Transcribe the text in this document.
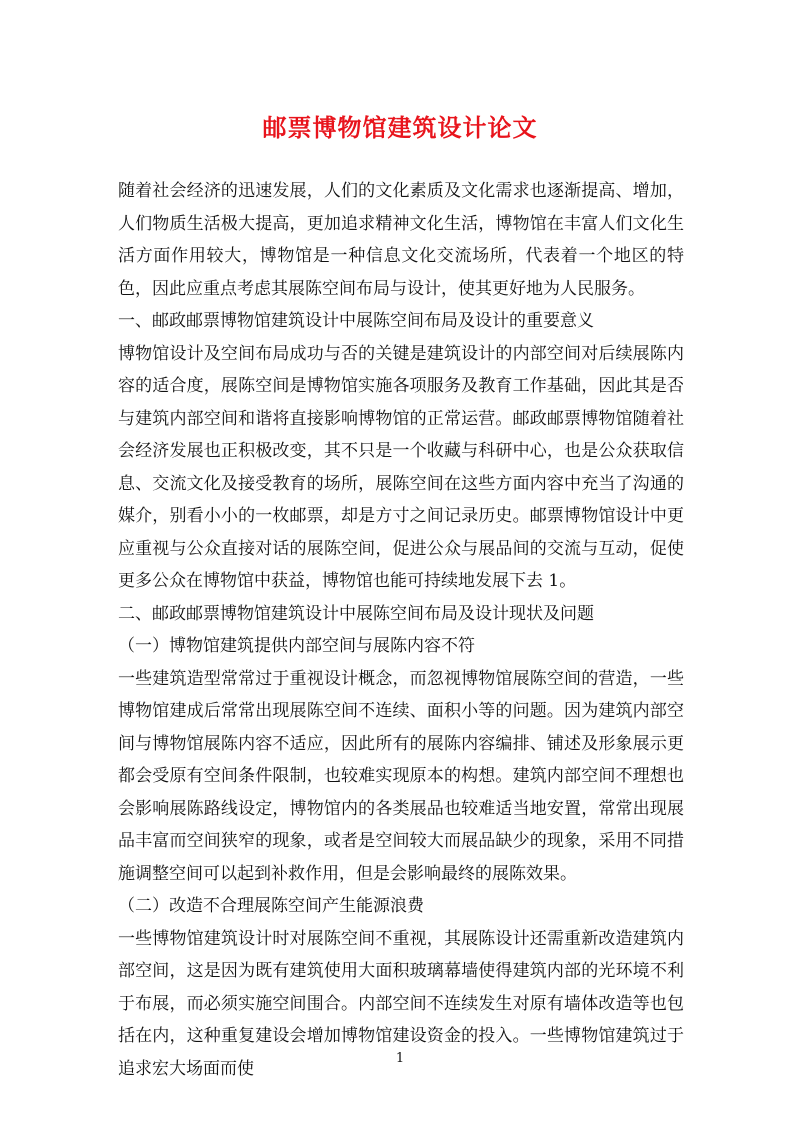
邮票博物馆建筑设计论文

随着社会经济的迅速发展，人们的文化素质及文化需求也逐渐提高、增加，人们物质生活极大提高，更加追求精神文化生活，博物馆在丰富人们文化生活方面作用较大，博物馆是一种信息文化交流场所，代表着一个地区的特色，因此应重点考虑其展陈空间布局与设计，使其更好地为人民服务。

一、邮政邮票博物馆建筑设计中展陈空间布局及设计的重要意义

博物馆设计及空间布局成功与否的关键是建筑设计的内部空间对后续展陈内容的适合度，展陈空间是博物馆实施各项服务及教育工作基础，因此其是否与建筑内部空间和谐将直接影响博物馆的正常运营。邮政邮票博物馆随着社会经济发展也正积极改变，其不只是一个收藏与科研中心，也是公众获取信息、交流文化及接受教育的场所，展陈空间在这些方面内容中充当了沟通的媒介，别看小小的一枚邮票，却是方寸之间记录历史。邮票博物馆设计中更应重视与公众直接对话的展陈空间，促进公众与展品间的交流与互动，促使更多公众在博物馆中获益，博物馆也能可持续地发展下去 1。

二、邮政邮票博物馆建筑设计中展陈空间布局及设计现状及问题

（一）博物馆建筑提供内部空间与展陈内容不符

一些建筑造型常常过于重视设计概念，而忽视博物馆展陈空间的营造，一些博物馆建成后常常出现展陈空间不连续、面积小等的问题。因为建筑内部空间与博物馆展陈内容不适应，因此所有的展陈内容编排、铺述及形象展示更都会受原有空间条件限制，也较难实现原本的构想。建筑内部空间不理想也会影响展陈路线设定，博物馆内的各类展品也较难适当地安置，常常出现展品丰富而空间狭窄的现象，或者是空间较大而展品缺少的现象，采用不同措施调整空间可以起到补救作用，但是会影响最终的展陈效果。

（二）改造不合理展陈空间产生能源浪费

一些博物馆建筑设计时对展陈空间不重视，其展陈设计还需重新改造建筑内部空间，这是因为既有建筑使用大面积玻璃幕墙使得建筑内部的光环境不利于布展，而必须实施空间围合。内部空间不连续发生对原有墙体改造等也包括在内，这种重复建设会增加博物馆建设资金的投入。一些博物馆建筑过于追求宏大场面而使	1
